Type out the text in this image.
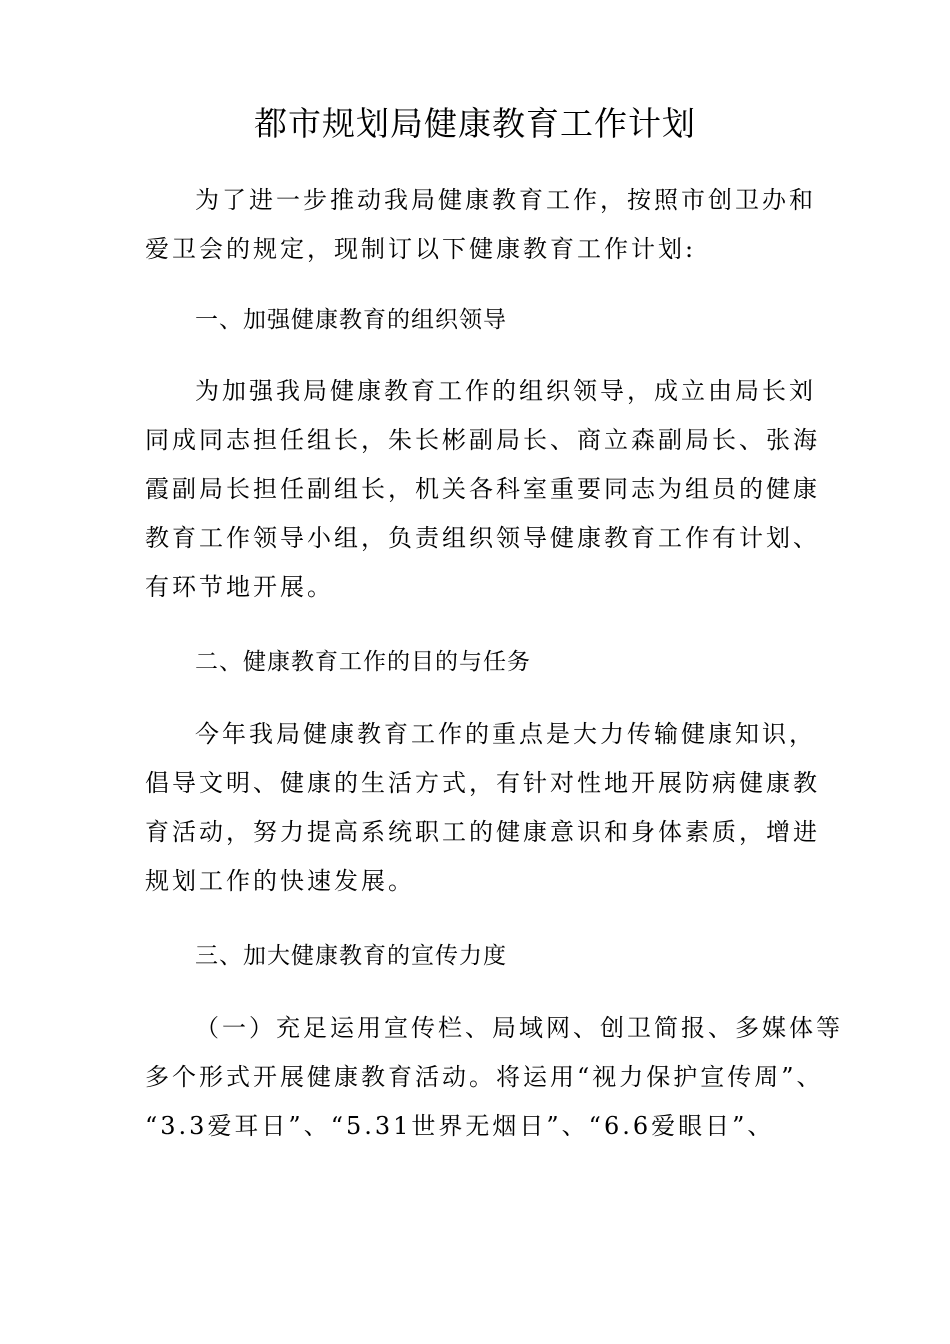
都市规划局健康教育工作计划

为了进一步推动我局健康教育工作，按照市创卫办和
爱卫会的规定，现制订以下健康教育工作计划:

一、加强健康教育的组织领导

为加强我局健康教育工作的组织领导，成立由局长刘
同成同志担任组长，朱长彬副局长、商立森副局长、张海
霞副局长担任副组长，机关各科室重要同志为组员的健康
教育工作领导小组，负责组织领导健康教育工作有计划、
有环节地开展。

二、健康教育工作的目的与任务

今年我局健康教育工作的重点是大力传输健康知识，
倡导文明、健康的生活方式，有针对性地开展防病健康教
育活动，努力提高系统职工的健康意识和身体素质，增进
规划工作的快速发展。

三、加大健康教育的宣传力度

（一）充足运用宣传栏、局域网、创卫简报、多媒体等
多个形式开展健康教育活动。将运用“视力保护宣传周”、
“3.3爱耳日”、“5.31世界无烟日”、“6.6爱眼日”、
